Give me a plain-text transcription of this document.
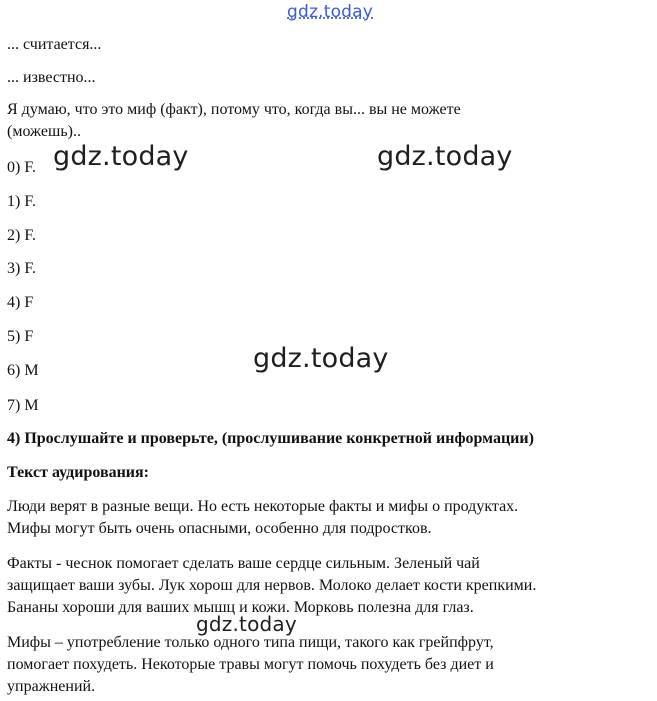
gdz.today

... считается...

... известно...

Я думаю, что это миф (факт), потому что, когда вы... вы не можете

(можешь)..

0) F.

1) F.

2) F.

3) F.

4) F

5) F

6) M

7) M

4) Прослушайте и проверьте, (прослушивание конкретной информации)

Текст аудирования:

Люди верят в разные вещи. Но есть некоторые факты и мифы о продуктах.

Мифы могут быть очень опасными, особенно для подростков.

Факты - чеснок помогает сделать ваше сердце сильным. Зеленый чай

защищает ваши зубы. Лук хорош для нервов. Молоко делает кости крепкими.

Бананы хороши для ваших мышц и кожи. Морковь полезна для глаз.

Мифы – употребление только одного типа пищи, такого как грейпфрут,

помогает похудеть. Некоторые травы могут помочь похудеть без диет и

упражнений.

gdz.today	gdz.today
gdz.today
gdz.today
